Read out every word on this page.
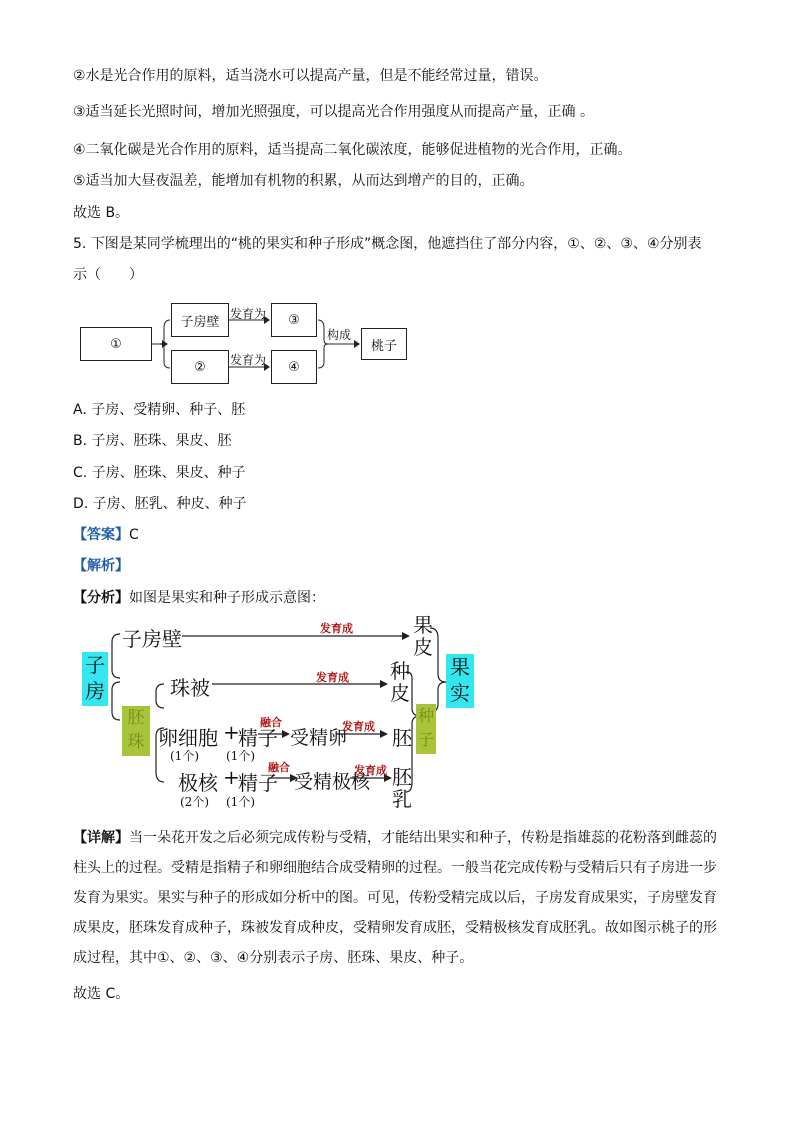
②水是光合作用的原料，适当浇水可以提高产量，但是不能经常过量，错误。
③适当延长光照时间，增加光照强度，可以提高光合作用强度从而提高产量，正确 。
④二氧化碳是光合作用的原料，适当提高二氧化碳浓度，能够促进植物的光合作用，正确。
⑤适当加大昼夜温差，能增加有机物的积累，从而达到增产的目的，正确。
故选 B。
5. 下图是某同学梳理出的“桃的果实和种子形成”概念图，他遮挡住了部分内容，①、②、③、④分别表
示（　　）
①
子房壁
②
③
④
桃子
发育为
发育为
构成
A. 子房、受精卵、种子、胚
B. 子房、胚珠、果皮、胚
C. 子房、胚珠、果皮、种子
D. 子房、胚乳、种皮、种子
【答案】C
【解析】
【分析】如图是果实和种子形成示意图：
子
房
子房壁
胚
珠
珠被
卵细胞 +
精子
(1个) (1个)
融合
受精卵
极核 +
精子
(2个) (1个)
融合
受精极核
发育成
发育成
发育成
发育成
果
皮
种
皮
胚
胚
乳
种
子
果
实
【详解】当一朵花开发之后必须完成传粉与受精，才能结出果实和种子，传粉是指雄蕊的花粉落到雌蕊的柱头上的过程。受精是指精子和卵细胞结合成受精卵的过程。一般当花完成传粉与受精后只有子房进一步发育为果实。果实与种子的形成如分析中的图。可见，传粉受精完成以后，子房发育成果实，子房壁发育成果皮，胚珠发育成种子，珠被发育成种皮，受精卵发育成胚，受精极核发育成胚乳。故如图示桃子的形成过程，其中①、②、③、④分别表示子房、胚珠、果皮、种子。
故选 C。
